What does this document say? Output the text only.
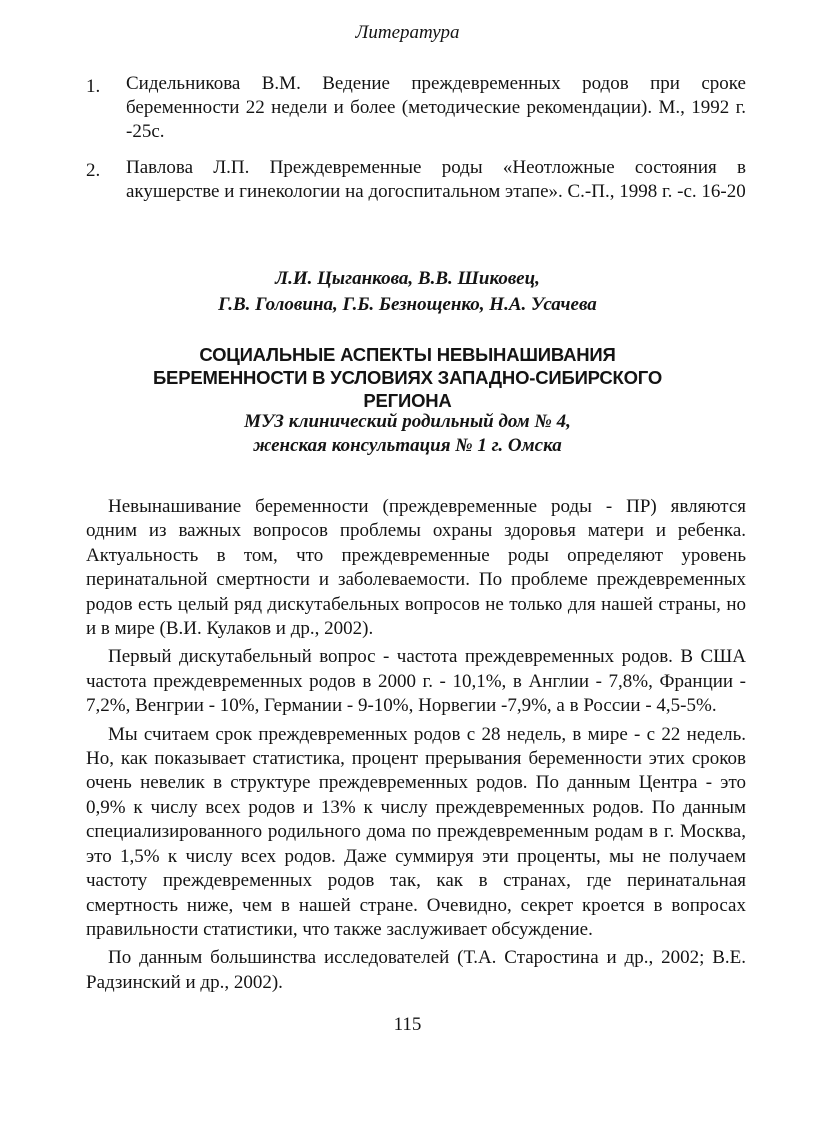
Литература
1. Сидельникова В.М. Ведение преждевременных родов при сроке беременности 22 недели и более (методические рекомендации). М., 1992 г. -25с.
2. Павлова Л.П. Преждевременные роды «Неотложные состояния в акушерстве и гинекологии на догоспитальном этапе». С.-П., 1998 г. -с. 16-20
Л.И. Цыганкова, В.В. Шиковец,
Г.В. Головина, Г.Б. Безнощенко, Н.А. Усачева
СОЦИАЛЬНЫЕ АСПЕКТЫ НЕВЫНАШИВАНИЯ
БЕРЕМЕННОСТИ В УСЛОВИЯХ ЗАПАДНО-СИБИРСКОГО
РЕГИОНА
МУЗ клинический родильный дом № 4,
женская консультация № 1 г. Омска

Невынашивание беременности (преждевременные роды - ПР) являются одним из важных вопросов проблемы охраны здоровья матери и ребенка. Актуальность в том, что преждевременные роды определяют уровень перинатальной смертности и заболеваемости. По проблеме преждевременных родов есть целый ряд дискутабельных вопросов не только для нашей страны, но и в мире (В.И. Кулаков и др., 2002).

Первый дискутабельный вопрос - частота преждевременных родов. В США частота преждевременных родов в 2000 г. - 10,1%, в Англии - 7,8%, Франции - 7,2%, Венгрии - 10%, Германии - 9-10%, Норвегии -7,9%, а в России - 4,5-5%.

Мы считаем срок преждевременных родов с 28 недель, в мире - с 22 недель. Но, как показывает статистика, процент прерывания беременности этих сроков очень невелик в структуре преждевременных родов. По данным Центра - это 0,9% к числу всех родов и 13% к числу преждевременных родов. По данным специализированного родильного дома по преждевременным родам в г. Москва, это 1,5% к числу всех родов. Даже суммируя эти проценты, мы не получаем частоту преждевременных родов так, как в странах, где перинатальная смертность ниже, чем в нашей стране. Очевидно, секрет кроется в вопросах правильности статистики, что также заслуживает обсуждение.

По данным большинства исследователей (Т.А. Старостина и др., 2002; В.Е. Радзинский и др., 2002).

115
